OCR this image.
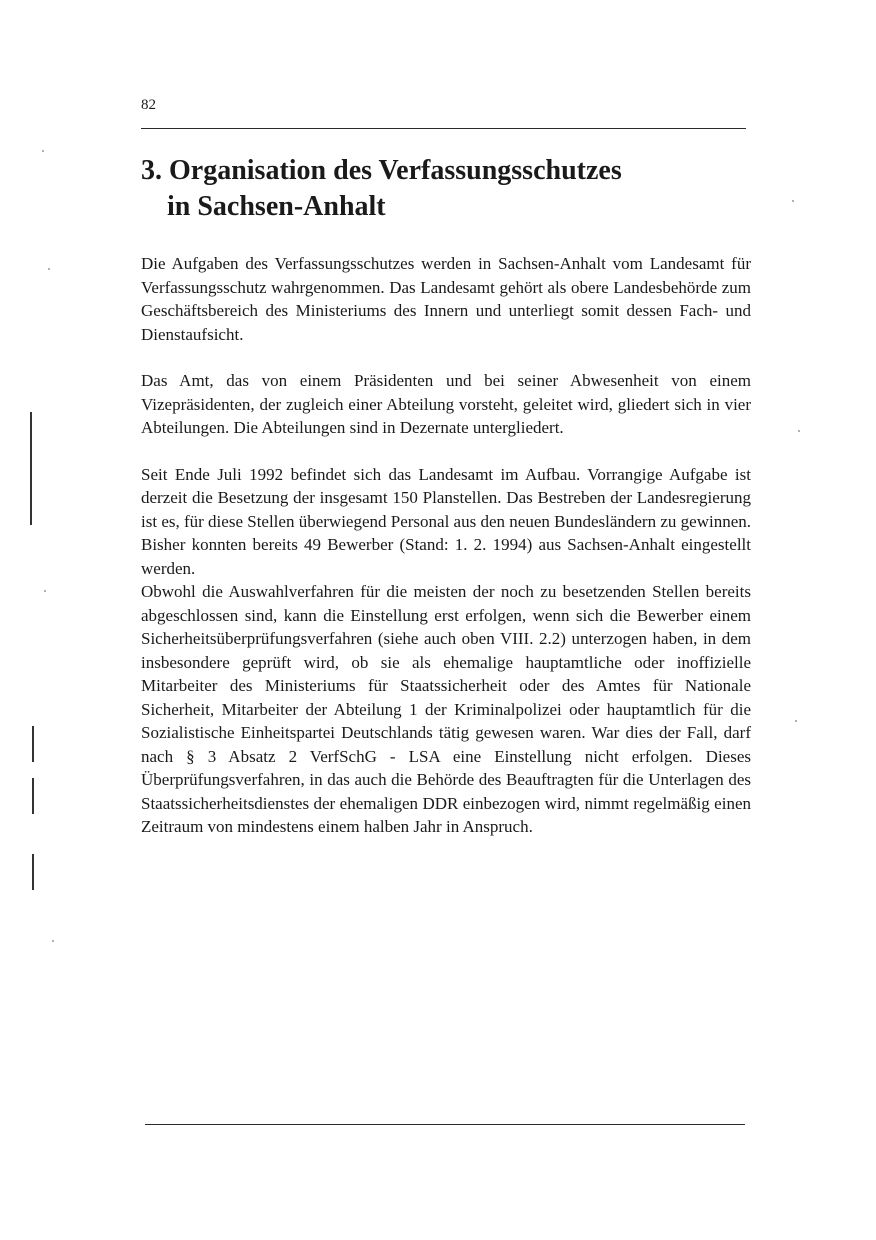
82
3. Organisation des Verfassungsschutzes
in Sachsen-Anhalt

Die Aufgaben des Verfassungsschutzes werden in Sachsen-Anhalt vom Landesamt für Verfassungsschutz wahrgenommen. Das Landesamt gehört als obere Landesbehörde zum Geschäftsbereich des Ministeriums des Innern und unterliegt somit dessen Fach- und Dienstaufsicht.

Das Amt, das von einem Präsidenten und bei seiner Abwesenheit von einem Vizepräsidenten, der zugleich einer Abteilung vorsteht, geleitet wird, gliedert sich in vier Abteilungen. Die Abteilungen sind in Dezernate untergliedert.

Seit Ende Juli 1992 befindet sich das Landesamt im Aufbau. Vorrangige Aufgabe ist derzeit die Besetzung der insgesamt 150 Planstellen. Das Bestreben der Landesregierung ist es, für diese Stellen überwiegend Personal aus den neuen Bundesländern zu gewinnen. Bisher konnten bereits 49 Bewerber (Stand: 1. 2. 1994) aus Sachsen-Anhalt eingestellt werden.

Obwohl die Auswahlverfahren für die meisten der noch zu besetzenden Stellen bereits abgeschlossen sind, kann die Einstellung erst erfolgen, wenn sich die Bewerber einem Sicherheitsüberprüfungsverfahren (siehe auch oben VIII. 2.2) unterzogen haben, in dem insbesondere geprüft wird, ob sie als ehemalige hauptamtliche oder inoffizielle Mitarbeiter des Ministeriums für Staatssicherheit oder des Amtes für Nationale Sicherheit, Mitarbeiter der Abteilung 1 der Kriminalpolizei oder hauptamtlich für die Sozialistische Einheitspartei Deutschlands tätig gewesen waren. War dies der Fall, darf nach § 3 Absatz 2 VerfSchG - LSA eine Einstellung nicht erfolgen. Dieses Überprüfungsverfahren, in das auch die Behörde des Beauftragten für die Unterlagen des Staatssicherheitsdienstes der ehemaligen DDR einbezogen wird, nimmt regelmäßig einen Zeitraum von mindestens einem halben Jahr in Anspruch.
